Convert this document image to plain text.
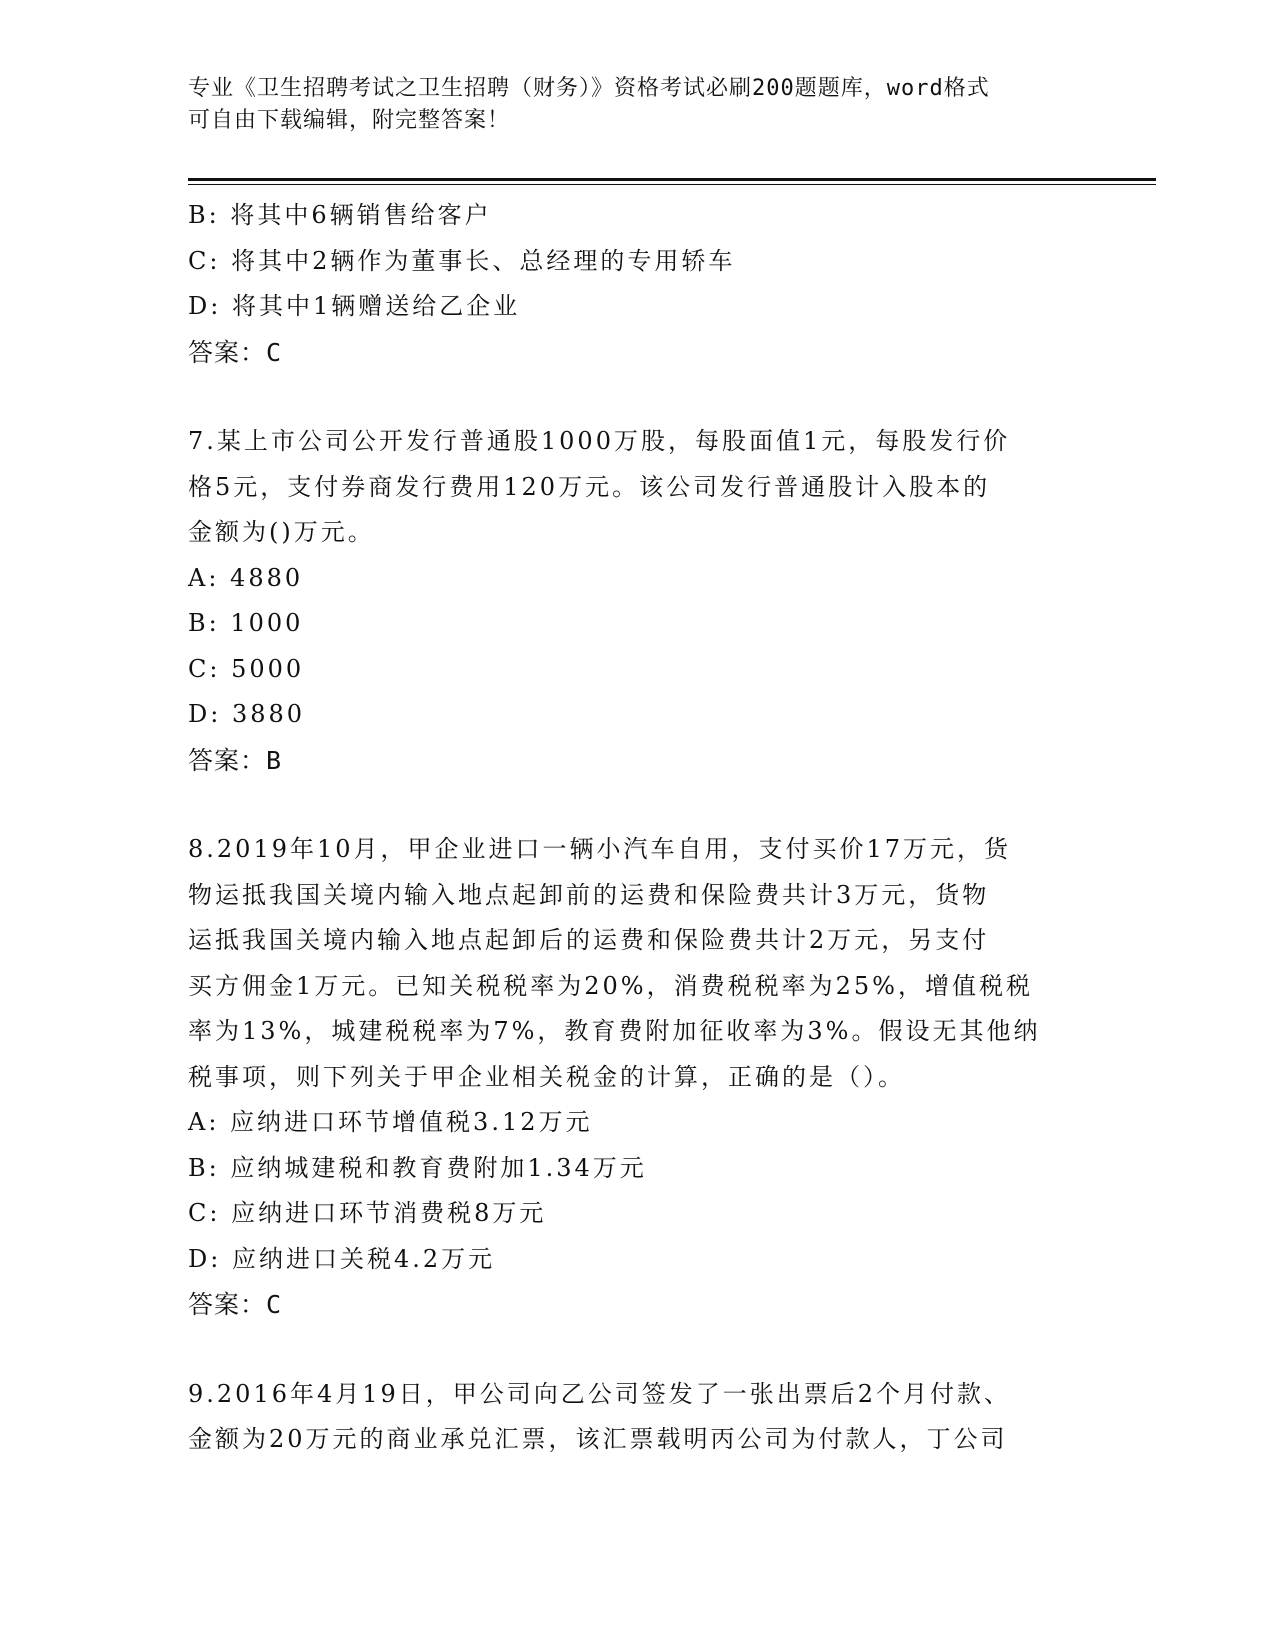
专业《卫生招聘考试之卫生招聘（财务）》资格考试必刷200题题库，word格式
可自由下载编辑，附完整答案！
B: 将其中6辆销售给客户
C: 将其中2辆作为董事长、总经理的专用轿车
D: 将其中1辆赠送给乙企业
答案：C
7.某上市公司公开发行普通股1000万股，每股面值1元，每股发行价
格5元，支付券商发行费用120万元。该公司发行普通股计入股本的
金额为()万元。
A: 4880
B: 1000
C: 5000
D: 3880
答案：B
8.2019年10月，甲企业进口一辆小汽车自用，支付买价17万元，货
物运抵我国关境内输入地点起卸前的运费和保险费共计3万元，货物
运抵我国关境内输入地点起卸后的运费和保险费共计2万元，另支付
买方佣金1万元。已知关税税率为20%，消费税税率为25%，增值税税
率为13%，城建税税率为7%，教育费附加征收率为3%。假设无其他纳
税事项，则下列关于甲企业相关税金的计算，正确的是（）。
A: 应纳进口环节增值税3.12万元
B: 应纳城建税和教育费附加1.34万元
C: 应纳进口环节消费税8万元
D: 应纳进口关税4.2万元
答案：C
9.2016年4月19日，甲公司向乙公司签发了一张出票后2个月付款、
金额为20万元的商业承兑汇票，该汇票载明丙公司为付款人，丁公司
